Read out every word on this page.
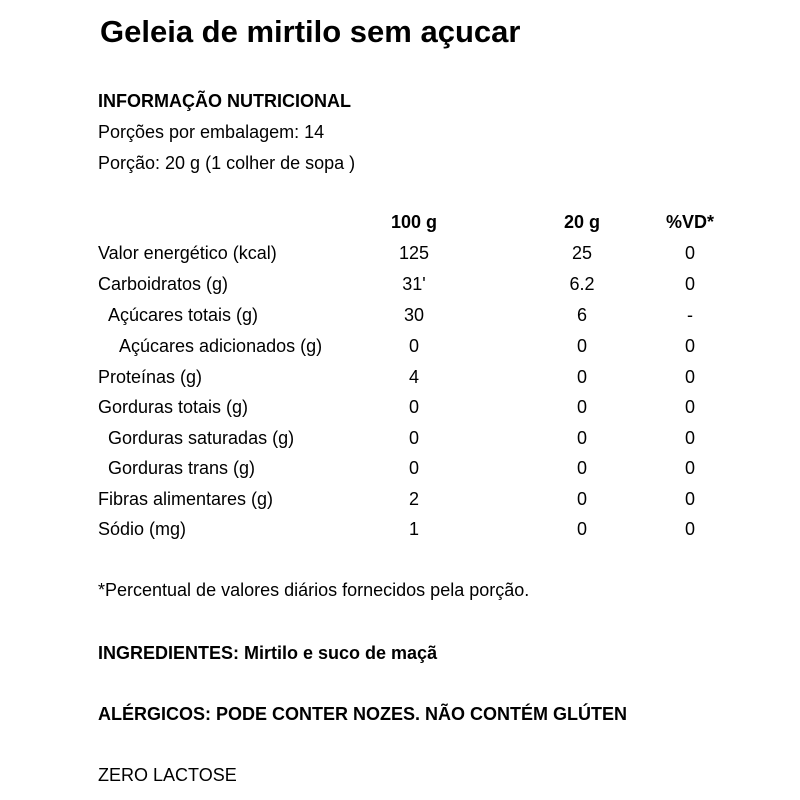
Geleia de mirtilo sem açucar
INFORMAÇÃO NUTRICIONAL
Porções por embalagem: 14
Porção: 20 g (1 colher de sopa )
100 g	20 g	%VD*
Valor energético (kcal)	125	25	0
Carboidratos (g)	31'	6.2	0
Açúcares totais (g)	30	6	-
Açúcares adicionados (g)	0	0	0
Proteínas (g)	4	0	0
Gorduras totais (g)	0	0	0
Gorduras saturadas (g)	0	0	0
Gorduras trans (g)	0	0	0
Fibras alimentares (g)	2	0	0
Sódio (mg)	1	0	0
*Percentual de valores diários fornecidos pela porção.
INGREDIENTES: Mirtilo e suco de maçã
ALÉRGICOS: PODE CONTER NOZES. NÃO CONTÉM GLÚTEN
ZERO LACTOSE
